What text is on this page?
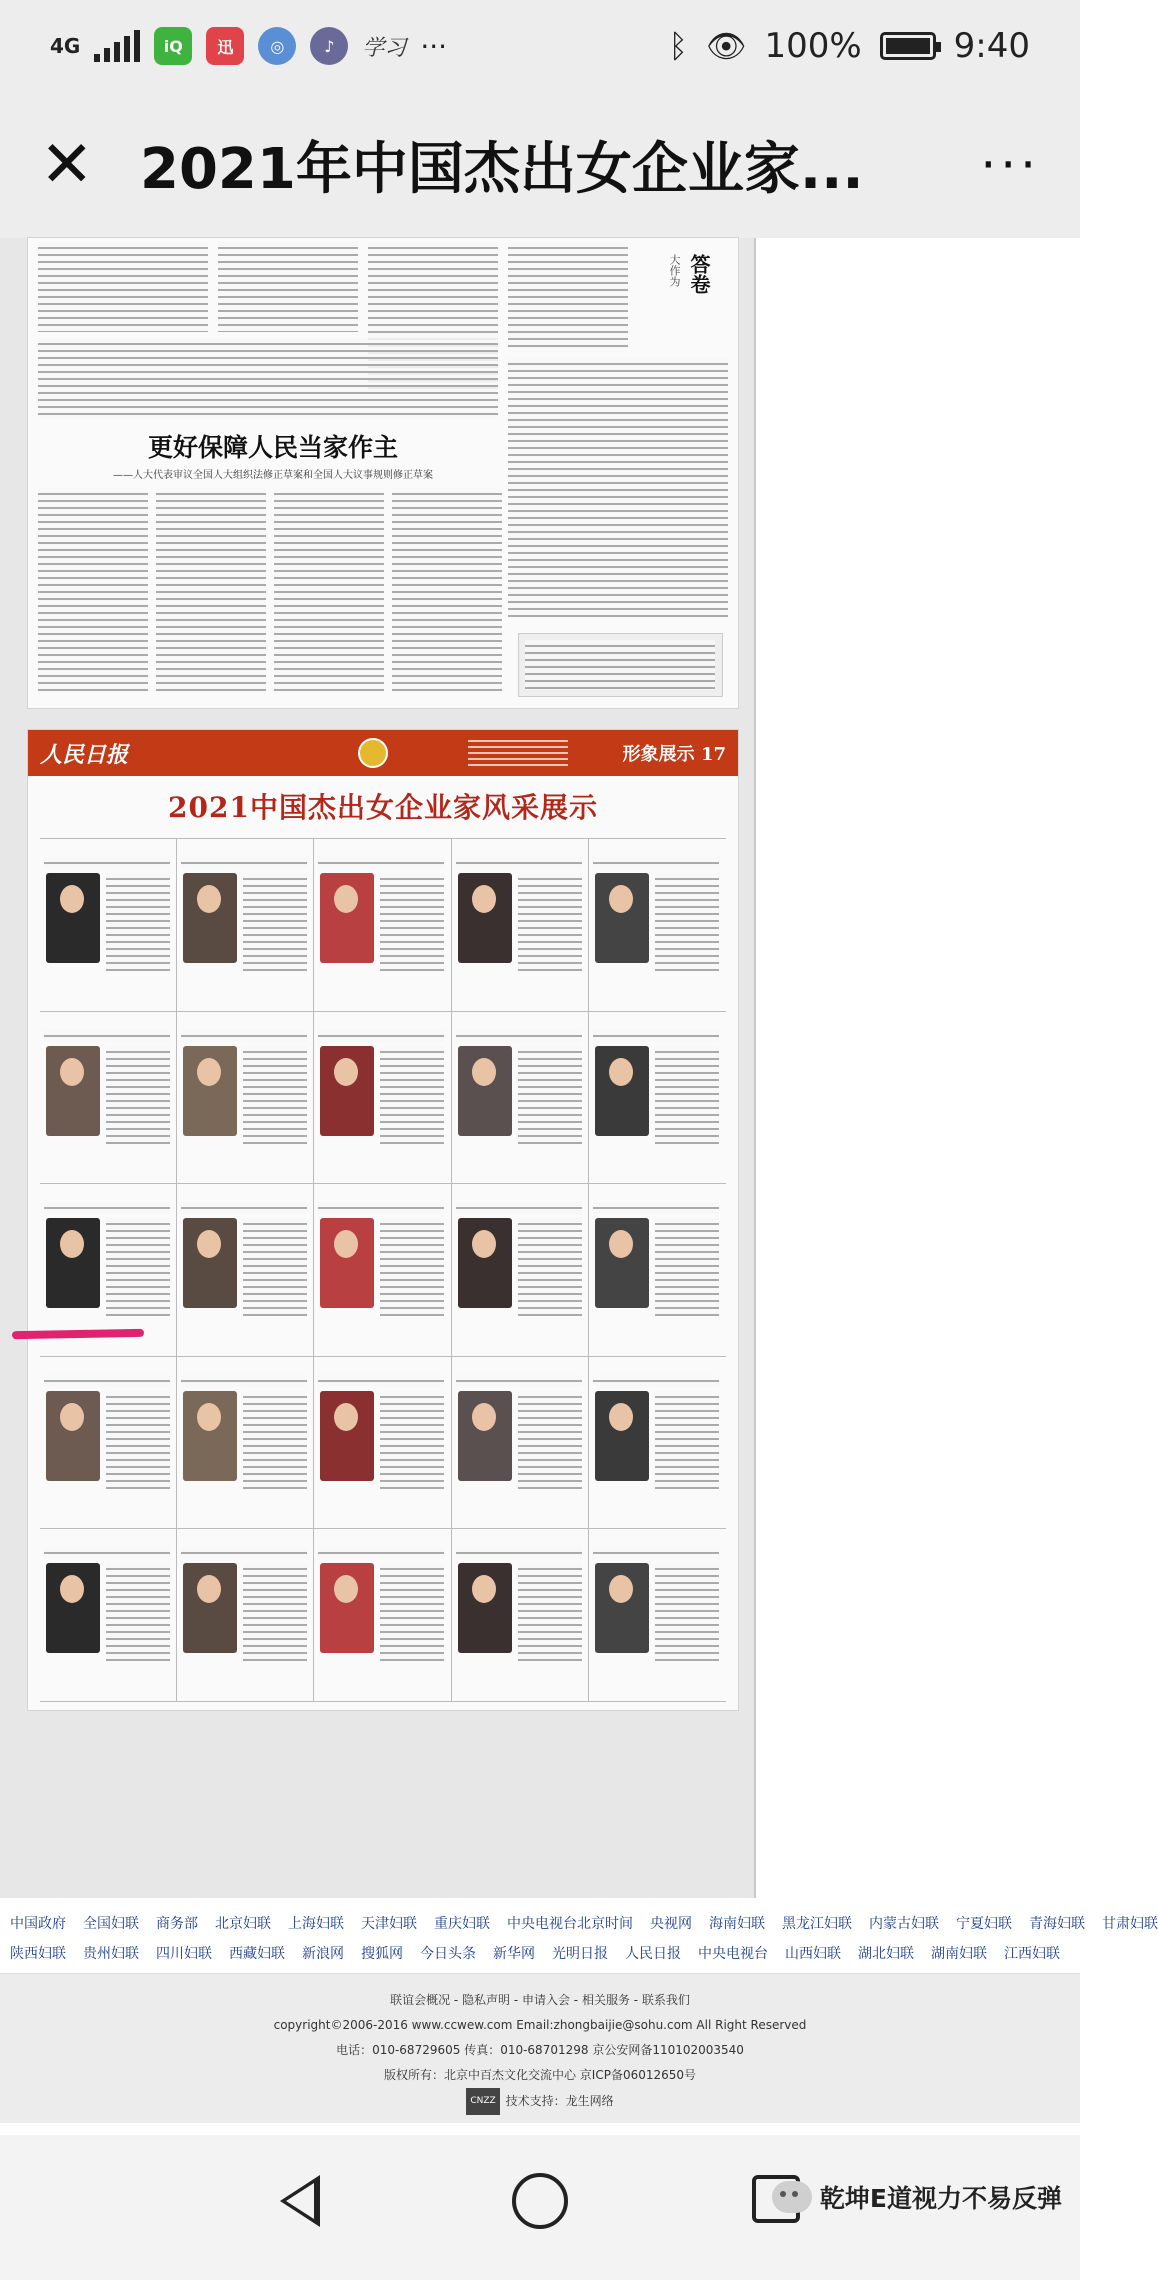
4G	iQ	迅	◎	♪	学习 ···	ᛒ 👁 100%	9:40
✕ 2021年中国杰出女企业家...	···
大作为 答卷
更好保障人民当家作主
——人大代表审议全国人大组织法修正草案和全国人大议事规则修正草案
人民日报	形象展示 17
2021中国杰出女企业家风采展示
中国政府 全国妇联 商务部 北京妇联 上海妇联 天津妇联 重庆妇联 中央电视台北京时间 央视网 海南妇联 黑龙江妇联 内蒙古妇联 宁夏妇联 青海妇联 甘肃妇联
陕西妇联 贵州妇联 四川妇联 西藏妇联 新浪网 搜狐网 今日头条 新华网 光明日报 人民日报 中央电视台 山西妇联 湖北妇联 湖南妇联 江西妇联
联谊会概况 - 隐私声明 - 申请入会 - 相关服务 - 联系我们
copyright©2006-2016 www.ccwew.com Email:zhongbaijie@sohu.com All Right Reserved
电话：010-68729605 传真：010-68701298 京公安网备110102003540
版权所有：北京中百杰文化交流中心 京ICP备06012650号
CNZZ 技术支持：龙生网络
乾坤E道视力不易反弹
